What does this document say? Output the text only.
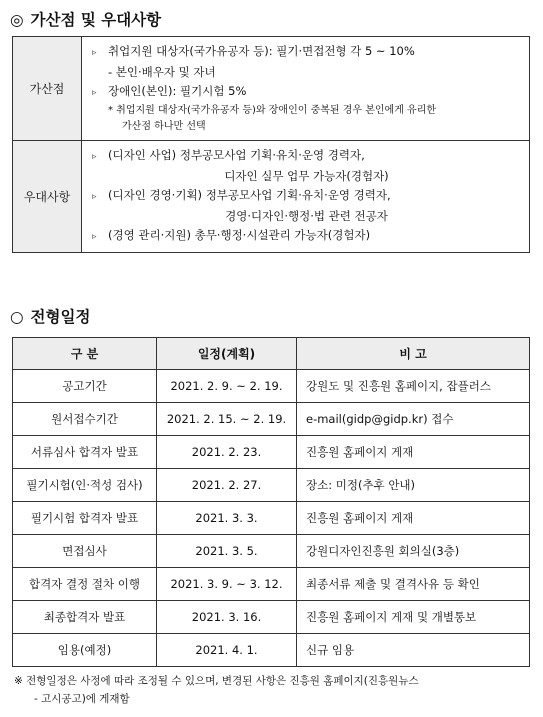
◎ 가산점 및 우대사항
가산점	▹ 취업지원 대상자(국가유공자 등): 필기·면접전형 각 5 ~ 10%
- 본인·배우자 및 자녀
▹ 장애인(본인): 필기시험 5%
* 취업지원 대상자(국가유공자 등)와 장애인이 중복된 경우 본인에게 유리한
가산점 하나만 선택

우대사항	▹ (디자인 사업) 정부공모사업 기획·유치·운영 경력자,
디자인 실무 업무 가능자(경험자)
▹ (디자인 경영·기획) 정부공모사업 기획·유치·운영 경력자,
경영·디자인·행정·법 관련 전공자
▹ (경영 관리·지원) 총무·행정·시설관리 가능자(경험자)
○ 전형일정
구 분	일정(계획)	비 고
공고기간	2021. 2. 9. ~ 2. 19.	강원도 및 진흥원 홈페이지, 잡플러스
원서접수기간	2021. 2. 15. ~ 2. 19.	e-mail(gidp@gidp.kr) 접수
서류심사 합격자 발표	2021. 2. 23.	진흥원 홈페이지 게재
필기시험(인·적성 검사)	2021. 2. 27.	장소: 미정(추후 안내)
필기시험 합격자 발표	2021. 3. 3.	진흥원 홈페이지 게재
면접심사	2021. 3. 5.	강원디자인진흥원 회의실(3층)
합격자 결정 절차 이행	2021. 3. 9. ~ 3. 12.	최종서류 제출 및 결격사유 등 확인
최종합격자 발표	2021. 3. 16.	진흥원 홈페이지 게재 및 개별통보
임용(예정)	2021. 4. 1.	신규 임용
※ 전형일정은 사정에 따라 조정될 수 있으며, 변경된 사항은 진흥원 홈페이지(진흥원뉴스
- 고시공고)에 게재함
